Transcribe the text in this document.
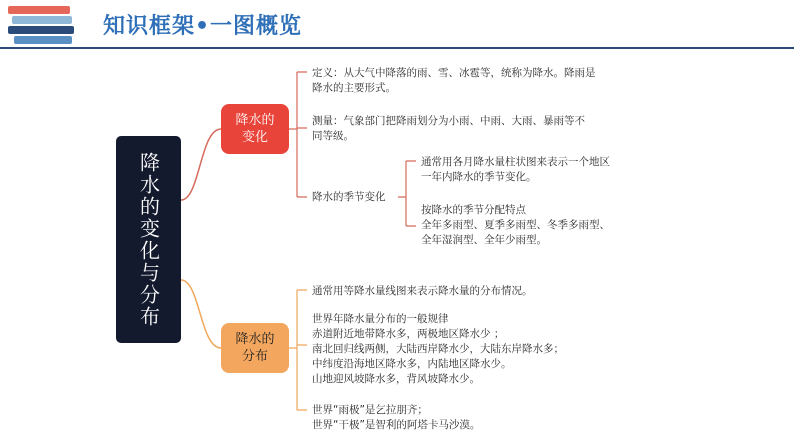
知识框架•一图概览
降水的变化与分布
降水的变化
降水的分布

定义：从大气中降落的雨、雪、冰雹等，统称为降水。降雨是
降水的主要形式。

测量：气象部门把降雨划分为小雨、中雨、大雨、暴雨等不
同等级。

降水的季节变化

通常用各月降水量柱状图来表示一个地区
一年内降水的季节变化。

按降水的季节分配特点
全年多雨型、夏季多雨型、冬季多雨型、
全年湿润型、全年少雨型。

通常用等降水量线图来表示降水量的分布情况。

世界年降水量分布的一般规律
赤道附近地带降水多，两极地区降水少 ；
南北回归线两侧，大陆西岸降水少，大陆东岸降水多；
中纬度沿海地区降水多，内陆地区降水少。
山地迎风坡降水多，背风坡降水少。

世界“雨极”是乞拉朋齐；
世界“干极”是智利的阿塔卡马沙漠。
